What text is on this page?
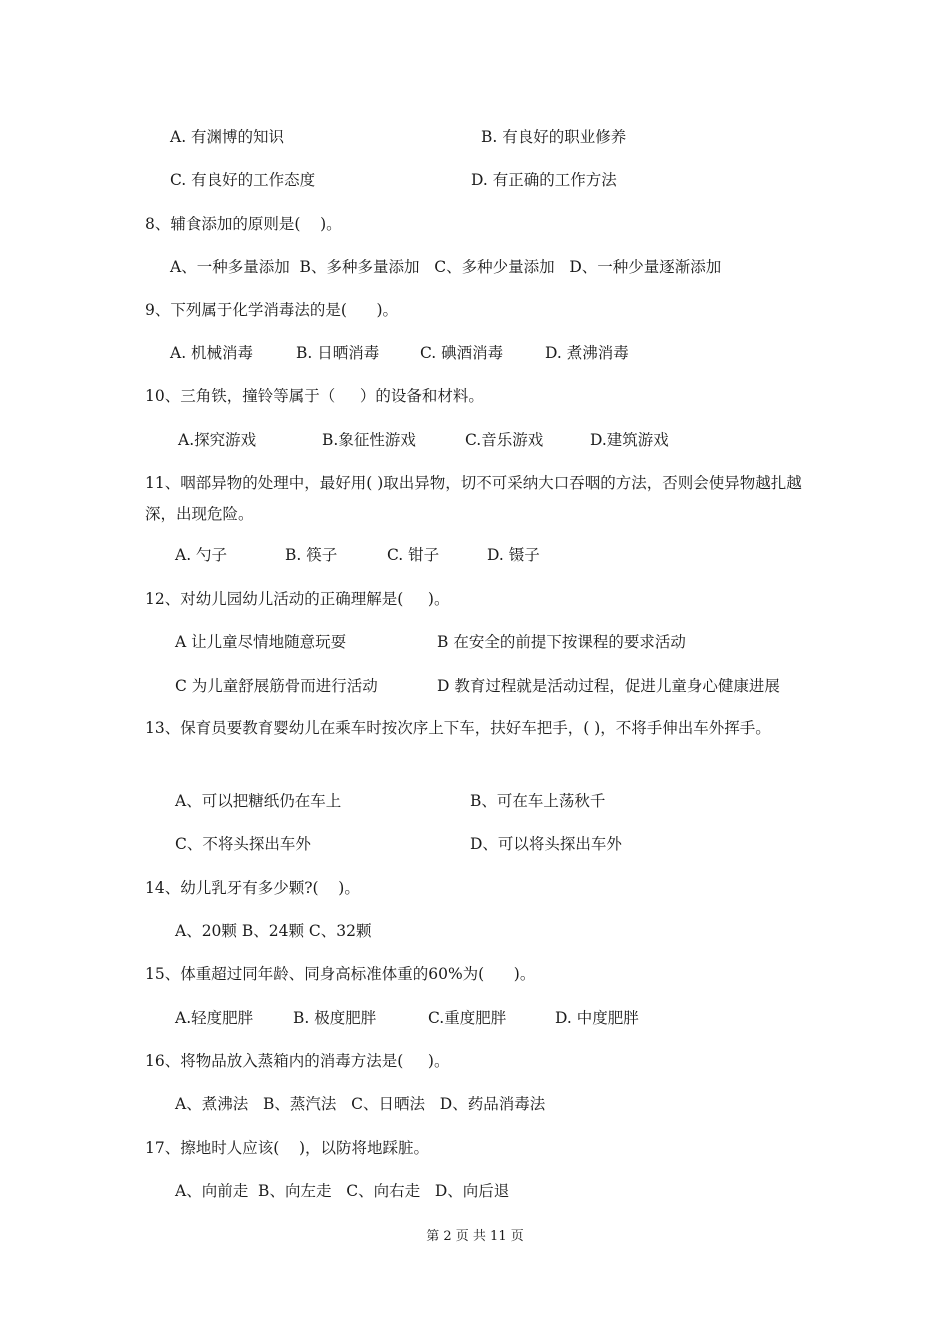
A. 有渊博的知识	B. 有良好的职业修养
C. 有良好的工作态度	D. 有正确的工作方法
8、辅食添加的原则是(    )。
A、一种多量添加  B、多种多量添加   C、多种少量添加   D、一种少量逐渐添加
9、下列属于化学消毒法的是(      )。
A. 机械消毒	B. 日晒消毒	C. 碘酒消毒	D. 煮沸消毒
10、三角铁，撞铃等属于（     ）的设备和材料。
A.探究游戏	B.象征性游戏	C.音乐游戏	D.建筑游戏
11、咽部异物的处理中，最好用( )取出异物，切不可采纳大口吞咽的方法，否则会使异物越扎越深，出现危险。
A. 勺子	B. 筷子	C. 钳子	D. 镊子
12、对幼儿园幼儿活动的正确理解是(     )。
A 让儿童尽情地随意玩耍	B 在安全的前提下按课程的要求活动
C 为儿童舒展筋骨而进行活动	D 教育过程就是活动过程，促进儿童身心健康进展
13、保育员要教育婴幼儿在乘车时按次序上下车，扶好车把手，( )，不将手伸出车外挥手。
A、可以把糖纸仍在车上	B、可在车上荡秋千
C、不将头探出车外	D、可以将头探出车外
14、幼儿乳牙有多少颗?(    )。
A、20颗 B、24颗 C、32颗
15、体重超过同年龄、同身高标准体重的60%为(      )。
A.轻度肥胖	B. 极度肥胖	C.重度肥胖	D. 中度肥胖
16、将物品放入蒸箱内的消毒方法是(     )。
A、煮沸法   B、蒸汽法   C、日晒法   D、药品消毒法
17、擦地时人应该(    )，以防将地踩脏。
A、向前走  B、向左走   C、向右走   D、向后退
第 2 页 共 11 页
